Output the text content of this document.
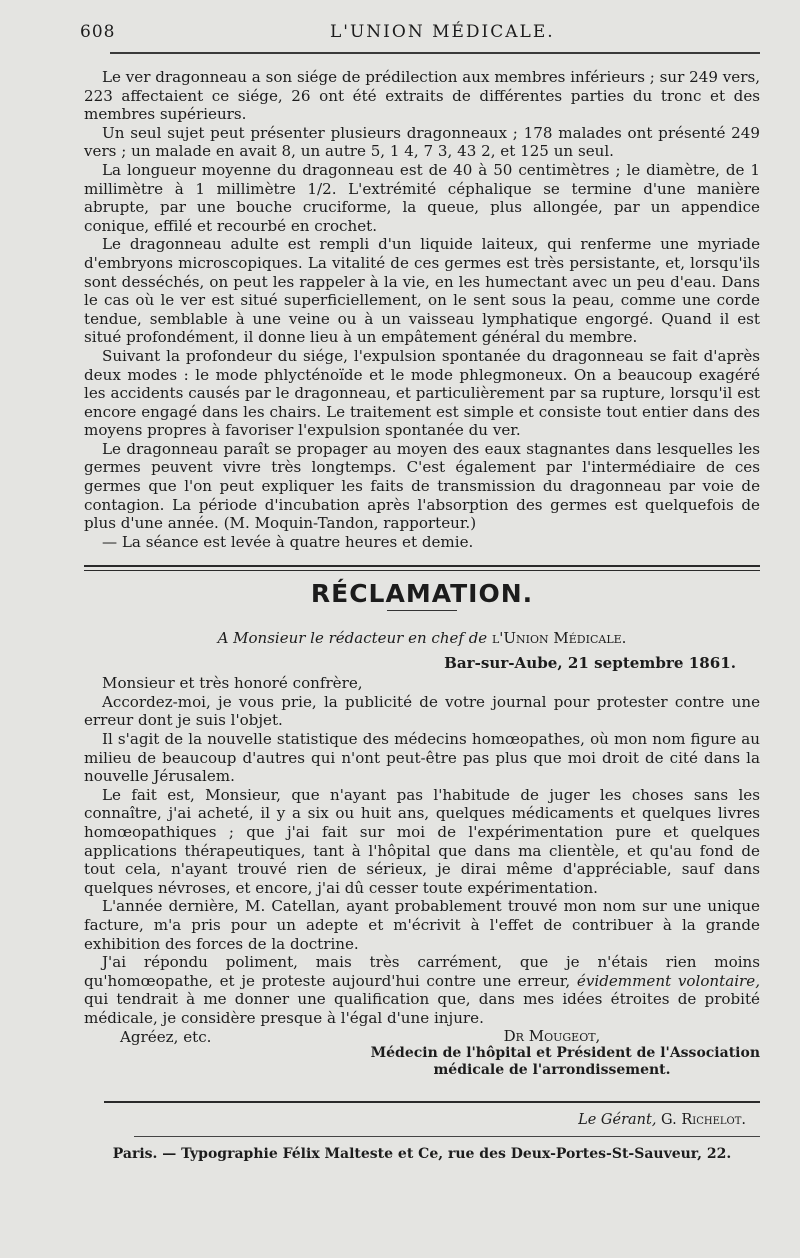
608	L'UNION MÉDICALE.

Le ver dragonneau a son siége de prédilection aux membres inférieurs ; sur 249 vers, 223 affectaient ce siége, 26 ont été extraits de différentes parties du tronc et des membres supérieurs.

Un seul sujet peut présenter plusieurs dragonneaux ; 178 malades ont présenté 249 vers ; un malade en avait 8, un autre 5, 1 4, 7 3, 43 2, et 125 un seul.

La longueur moyenne du dragonneau est de 40 à 50 centimètres ; le diamètre, de 1 millimètre à 1 millimètre 1/2. L'extrémité céphalique se termine d'une manière abrupte, par une bouche cruciforme, la queue, plus allongée, par un appendice conique, effilé et recourbé en crochet.

Le dragonneau adulte est rempli d'un liquide laiteux, qui renferme une myriade d'embryons microscopiques. La vitalité de ces germes est très persistante, et, lorsqu'ils sont desséchés, on peut les rappeler à la vie, en les humectant avec un peu d'eau. Dans le cas où le ver est situé superficiellement, on le sent sous la peau, comme une corde tendue, semblable à une veine ou à un vaisseau lymphatique engorgé. Quand il est situé profondément, il donne lieu à un empâtement général du membre.

Suivant la profondeur du siége, l'expulsion spontanée du dragonneau se fait d'après deux modes : le mode phlycténoïde et le mode phlegmoneux. On a beaucoup exagéré les accidents causés par le dragonneau, et particulièrement par sa rupture, lorsqu'il est encore engagé dans les chairs. Le traitement est simple et consiste tout entier dans des moyens propres à favoriser l'expulsion spontanée du ver.

Le dragonneau paraît se propager au moyen des eaux stagnantes dans lesquelles les germes peuvent vivre très longtemps. C'est également par l'intermédiaire de ces germes que l'on peut expliquer les faits de transmission du dragonneau par voie de contagion. La période d'incubation après l'absorption des germes est quelquefois de plus d'une année. (M. Moquin-Tandon, rapporteur.)

— La séance est levée à quatre heures et demie.

RÉCLAMATION.
A Monsieur le rédacteur en chef de l'Union Médicale.
Bar-sur-Aube, 21 septembre 1861.

Monsieur et très honoré confrère,

Accordez-moi, je vous prie, la publicité de votre journal pour protester contre une erreur dont je suis l'objet.

Il s'agit de la nouvelle statistique des médecins homœopathes, où mon nom figure au milieu de beaucoup d'autres qui n'ont peut-être pas plus que moi droit de cité dans la nouvelle Jérusalem.

Le fait est, Monsieur, que n'ayant pas l'habitude de juger les choses sans les connaître, j'ai acheté, il y a six ou huit ans, quelques médicaments et quelques livres homœopathiques ; que j'ai fait sur moi de l'expérimentation pure et quelques applications thérapeutiques, tant à l'hôpital que dans ma clientèle, et qu'au fond de tout cela, n'ayant trouvé rien de sérieux, je dirai même d'appréciable, sauf dans quelques névroses, et encore, j'ai dû cesser toute expérimentation.

L'année dernière, M. Catellan, ayant probablement trouvé mon nom sur une unique facture, m'a pris pour un adepte et m'écrivit à l'effet de contribuer à la grande exhibition des forces de la doctrine.

J'ai répondu poliment, mais très carrément, que je n'étais rien moins qu'homœopathe, et je proteste aujourd'hui contre une erreur, évidemment volontaire, qui tendrait à me donner une qualification que, dans mes idées étroites de probité médicale, je considère presque à l'égal d'une injure.

Agréez, etc.	Dr Mougeot,
Médecin de l'hôpital et Président de l'Association
médicale de l'arrondissement.
Le Gérant, G. Richelot.
Paris. — Typographie Félix Malteste et Ce, rue des Deux-Portes-St-Sauveur, 22.
